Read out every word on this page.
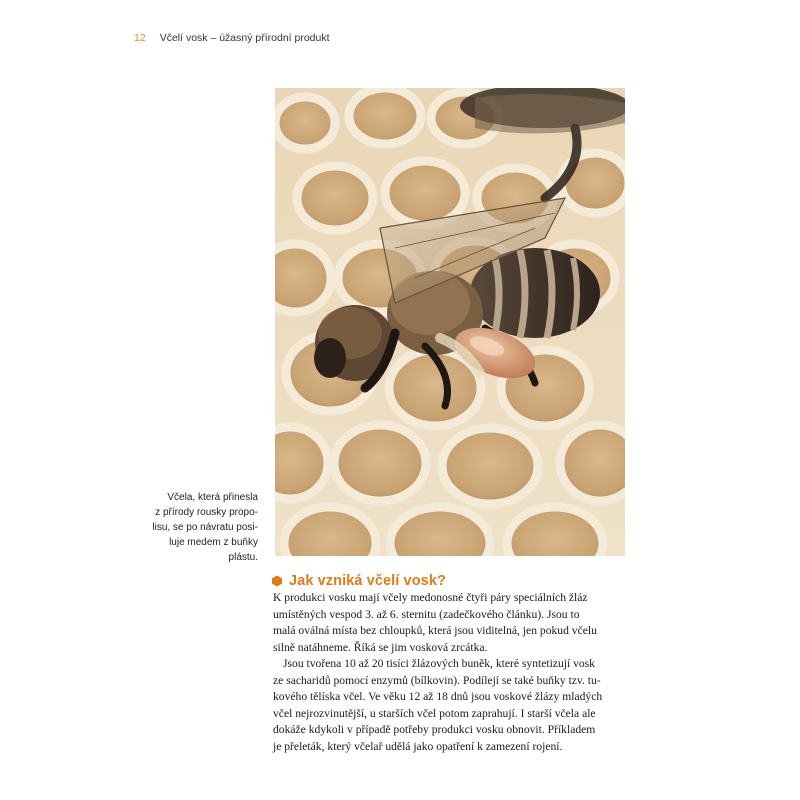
12 Včelí vosk – úžasný přírodní produkt
Včela, která přinesla
z přírody rousky propo-
lisu, se po návratu posi-
luje medem z buňky
plástu.
Jak vzniká včelí vosk?
K produkci vosku mají včely medonosné čtyři páry speciálních žláz
umístěných vespod 3. až 6. sternitu (zadečkového článku). Jsou to
malá oválná místa bez chloupků, která jsou viditelná, jen pokud včelu
silně natáhneme. Říká se jim vosková zrcátka.
Jsou tvořena 10 až 20 tisíci žlázových buněk, které syntetizují vosk
ze sacharidů pomocí enzymů (bílkovin). Podílejí se také buňky tzv. tu-
kového tělíska včel. Ve věku 12 až 18 dnů jsou voskové žlázy mladých
včel nejrozvinutější, u starších včel potom zaprahují. I starší včela ale
dokáže kdykoli v případě potřeby produkci vosku obnovit. Příkladem
je přeleták, který včelař udělá jako opatření k zamezení rojení.
